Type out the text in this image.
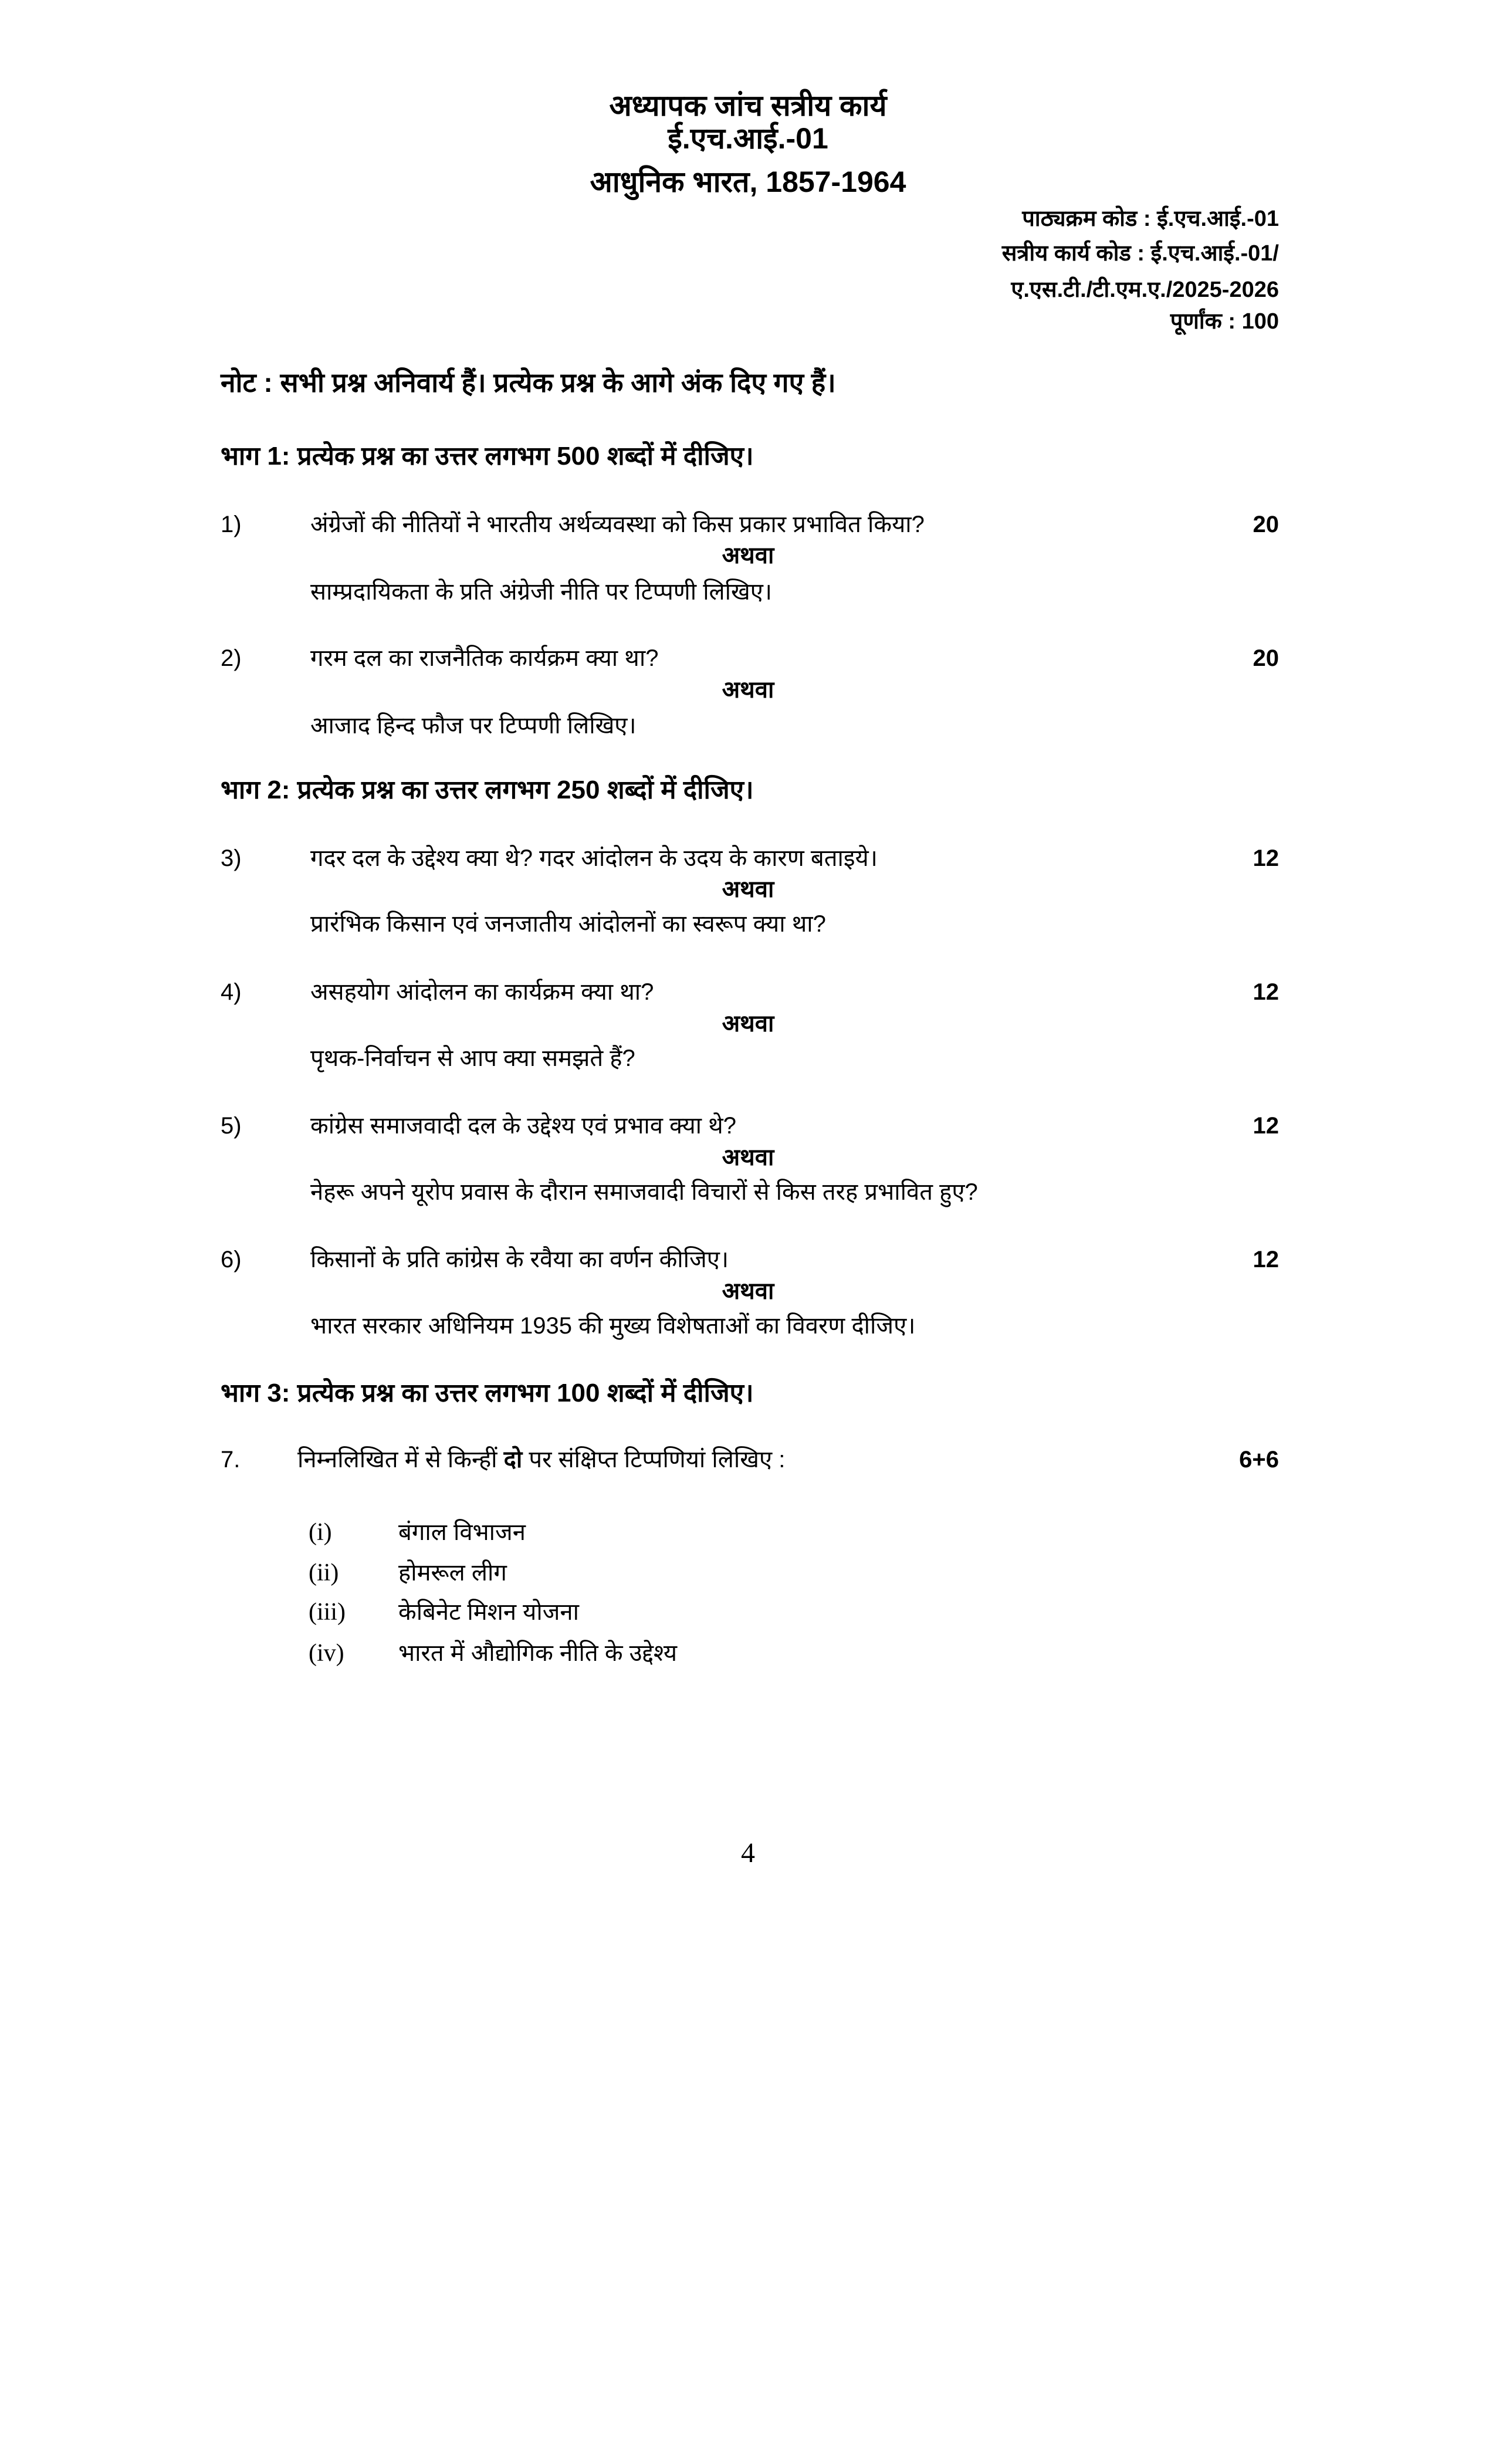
अध्यापक जांच सत्रीय कार्य
ई.एच.आई.-01
आधुनिक भारत, 1857-1964
पाठ्यक्रम कोड : ई.एच.आई.-01
सत्रीय कार्य कोड : ई.एच.आई.-01/
ए.एस.टी./टी.एम.ए./2025-2026
पूर्णांक : 100
नोट : सभी प्रश्न अनिवार्य हैं। प्रत्येक प्रश्न के आगे अंक दिए गए हैं।
भाग 1: प्रत्येक प्रश्न का उत्तर लगभग 500 शब्दों में दीजिए।
1)	अंग्रेजों की नीतियों ने भारतीय अर्थव्यवस्था को किस प्रकार प्रभावित किया?	20
अथवा
साम्प्रदायिकता के प्रति अंग्रेजी नीति पर टिप्पणी लिखिए।
2)	गरम दल का राजनैतिक कार्यक्रम क्या था?	20
अथवा
आजाद हिन्द फौज पर टिप्पणी लिखिए।
भाग 2: प्रत्येक प्रश्न का उत्तर लगभग 250 शब्दों में दीजिए।
3)	गदर दल के उद्देश्य क्या थे? गदर आंदोलन के उदय के कारण बताइये।	12
अथवा
प्रारंभिक किसान एवं जनजातीय आंदोलनों का स्वरूप क्या था?
4)	असहयोग आंदोलन का कार्यक्रम क्या था?	12
अथवा
पृथक-निर्वाचन से आप क्या समझते हैं?
5)	कांग्रेस समाजवादी दल के उद्देश्य एवं प्रभाव क्या थे?	12
अथवा
नेहरू अपने यूरोप प्रवास के दौरान समाजवादी विचारों से किस तरह प्रभावित हुए?
6)	किसानों के प्रति कांग्रेस के रवैया का वर्णन कीजिए।	12
अथवा
भारत सरकार अधिनियम 1935 की मुख्य विशेषताओं का विवरण दीजिए।
भाग 3: प्रत्येक प्रश्न का उत्तर लगभग 100 शब्दों में दीजिए।
7. निम्नलिखित में से किन्हीं दो पर संक्षिप्त टिप्पणियां लिखिए :	6+6
(i)	बंगाल विभाजन
(ii)	होमरूल लीग
(iii) केबिनेट मिशन योजना
(iv) भारत में औद्योगिक नीति के उद्देश्य
4
